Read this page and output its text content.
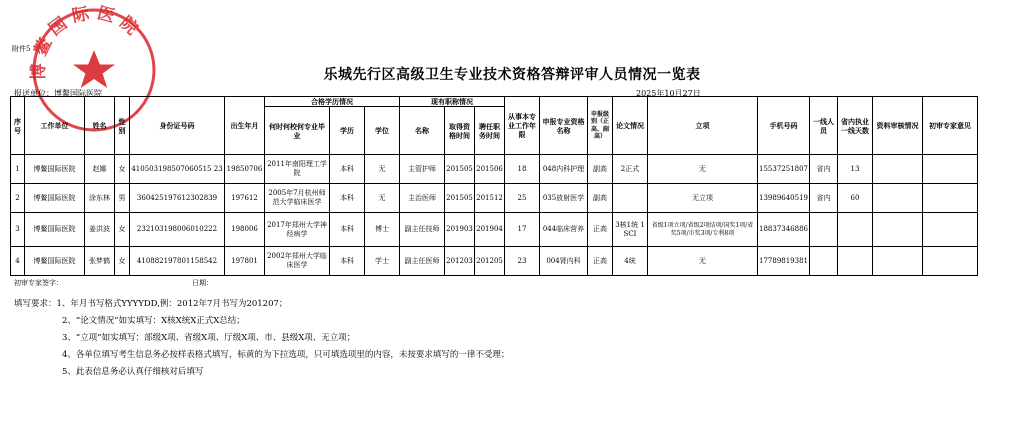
博鳌国际医院
附件5
乐城先行区高级卫生专业技术资格答辩评审人员情况一览表
报送单位：博鳌国际医院	2025年10月27日
序号	工作单位	姓名	性别	身份证号码	出生年月	合格学历情况			现有职称情况			从事本专业工作年限	申报专业资格名称	申报级别（正高、副高）	论文情况	立项	手机号码	一线人员	省内执业一线天数	资料审核情况	初审专家意见
						何时何校何专业毕业	学历	学位	名称	取得资格时间	聘任职务时间										
1	博鳌国际医院	赵娜	女	410503198507060515 23	19850706	2011年南阳理工学院	本科	无	主管护师	201505	201506	18	048内科护理	副高	2正式	无	15537251807	省内	13		
2	博鳌国际医院	涂东林	男	360425197612302839	197612	2005年7月杭州师范大学临床医学	本科	无	主治医师	201505	201512	25	035放射医学	副高		无立项	13989640519	省内	60		
3	博鳌国际医院	姜洪波	女	232103198006010222	198006	2017年郑州大学神经病学	本科	博士	副主任技师	201903	201904	17	044临床营养	正高	3核1统 1SCI	省级1项立项/省级2项结项/国奖1项/省奖5项/市奖3项/专利8项	18837346886				
4	博鳌国际医院	张梦鹤	女	410882197801158542	197801	2002年郑州大学临床医学	本科	学士	副主任医师	201203	201205	23	004肾内科	正高	4统	无	17789819381				
初审专家签字：	日期：
填写要求：1、年月书写格式YYYYDD,例：2012年7月书写为201207；
2、“论文情况”如实填写：X核X统X正式X总结；
3、“立项”如实填写：部级X项、省级X项、厅级X项、市、县级X项、无立项；
4、各单位填写考生信息务必按样表格式填写，标黄的为下拉选项，只可填选项里的内容，未按要求填写的一律不受理；
5、此表信息务必认真仔细核对后填写
